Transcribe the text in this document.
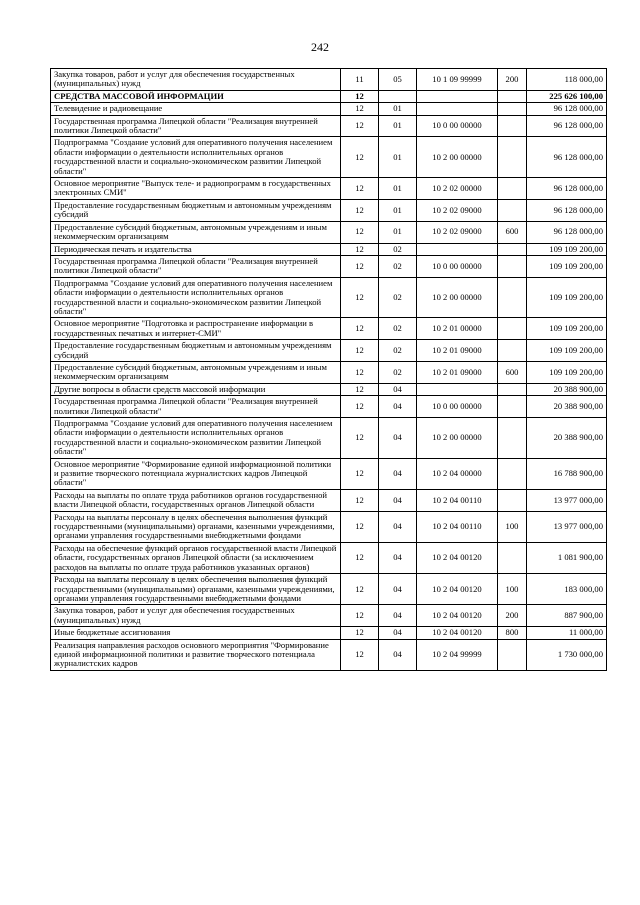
242
Закупка товаров, работ и услуг для обеспечения государственных (муниципальных) нужд	11	05	10 1 09 99999	200	118 000,00
СРЕДСТВА МАССОВОЙ ИНФОРМАЦИИ	12				225 626 100,00
Телевидение и радиовещание	12	01			96 128 000,00
Государственная программа Липецкой области "Реализация внутренней политики Липецкой области"	12	01	10 0 00 00000		96 128 000,00
Подпрограмма "Создание условий для оперативного получения населением области информации о деятельности исполнительных органов государственной власти и социально-экономическом развитии Липецкой области"	12	01	10 2 00 00000		96 128 000,00
Основное мероприятие "Выпуск теле- и радиопрограмм в государственных электронных СМИ"	12	01	10 2 02 00000		96 128 000,00
Предоставление государственным бюджетным и автономным учреждениям субсидий	12	01	10 2 02 09000		96 128 000,00
Предоставление субсидий бюджетным, автономным учреждениям и иным некоммерческим организациям	12	01	10 2 02 09000	600	96 128 000,00
Периодическая печать и издательства	12	02			109 109 200,00
Государственная программа Липецкой области "Реализация внутренней политики Липецкой области"	12	02	10 0 00 00000		109 109 200,00
Подпрограмма "Создание условий для оперативного получения населением области информации о деятельности исполнительных органов государственной власти и социально-экономическом развитии Липецкой области"	12	02	10 2 00 00000		109 109 200,00
Основное мероприятие "Подготовка и распространение информации в государственных печатных и интернет-СМИ"	12	02	10 2 01 00000		109 109 200,00
Предоставление государственным бюджетным и автономным учреждениям субсидий	12	02	10 2 01 09000		109 109 200,00
Предоставление субсидий бюджетным, автономным учреждениям и иным некоммерческим организациям	12	02	10 2 01 09000	600	109 109 200,00
Другие вопросы в области средств массовой информации	12	04			20 388 900,00
Государственная программа Липецкой области "Реализация внутренней политики Липецкой области"	12	04	10 0 00 00000		20 388 900,00
Подпрограмма "Создание условий для оперативного получения населением области информации о деятельности исполнительных органов государственной власти и социально-экономическом развитии Липецкой области"	12	04	10 2 00 00000		20 388 900,00
Основное мероприятие "Формирование единой информационной политики и развитие творческого потенциала журналистских кадров Липецкой области"	12	04	10 2 04 00000		16 788 900,00
Расходы на выплаты по оплате труда работников органов государственной власти Липецкой области, государственных органов Липецкой области	12	04	10 2 04 00110		13 977 000,00
Расходы на выплаты персоналу в целях обеспечения выполнения функций государственными (муниципальными) органами, казенными учреждениями, органами управления государственными внебюджетными фондами	12	04	10 2 04 00110	100	13 977 000,00
Расходы на обеспечение функций органов государственной власти Липецкой области, государственных органов Липецкой области (за исключением расходов на выплаты по оплате труда работников указанных органов)	12	04	10 2 04 00120		1 081 900,00
Расходы на выплаты персоналу в целях обеспечения выполнения функций государственными (муниципальными) органами, казенными учреждениями, органами управления государственными внебюджетными фондами	12	04	10 2 04 00120	100	183 000,00
Закупка товаров, работ и услуг для обеспечения государственных (муниципальных) нужд	12	04	10 2 04 00120	200	887 900,00
Иные бюджетные ассигнования	12	04	10 2 04 00120	800	11 000,00
Реализация направления расходов основного мероприятия "Формирование единой информационной политики и развитие творческого потенциала журналистских кадров	12	04	10 2 04 99999		1 730 000,00
